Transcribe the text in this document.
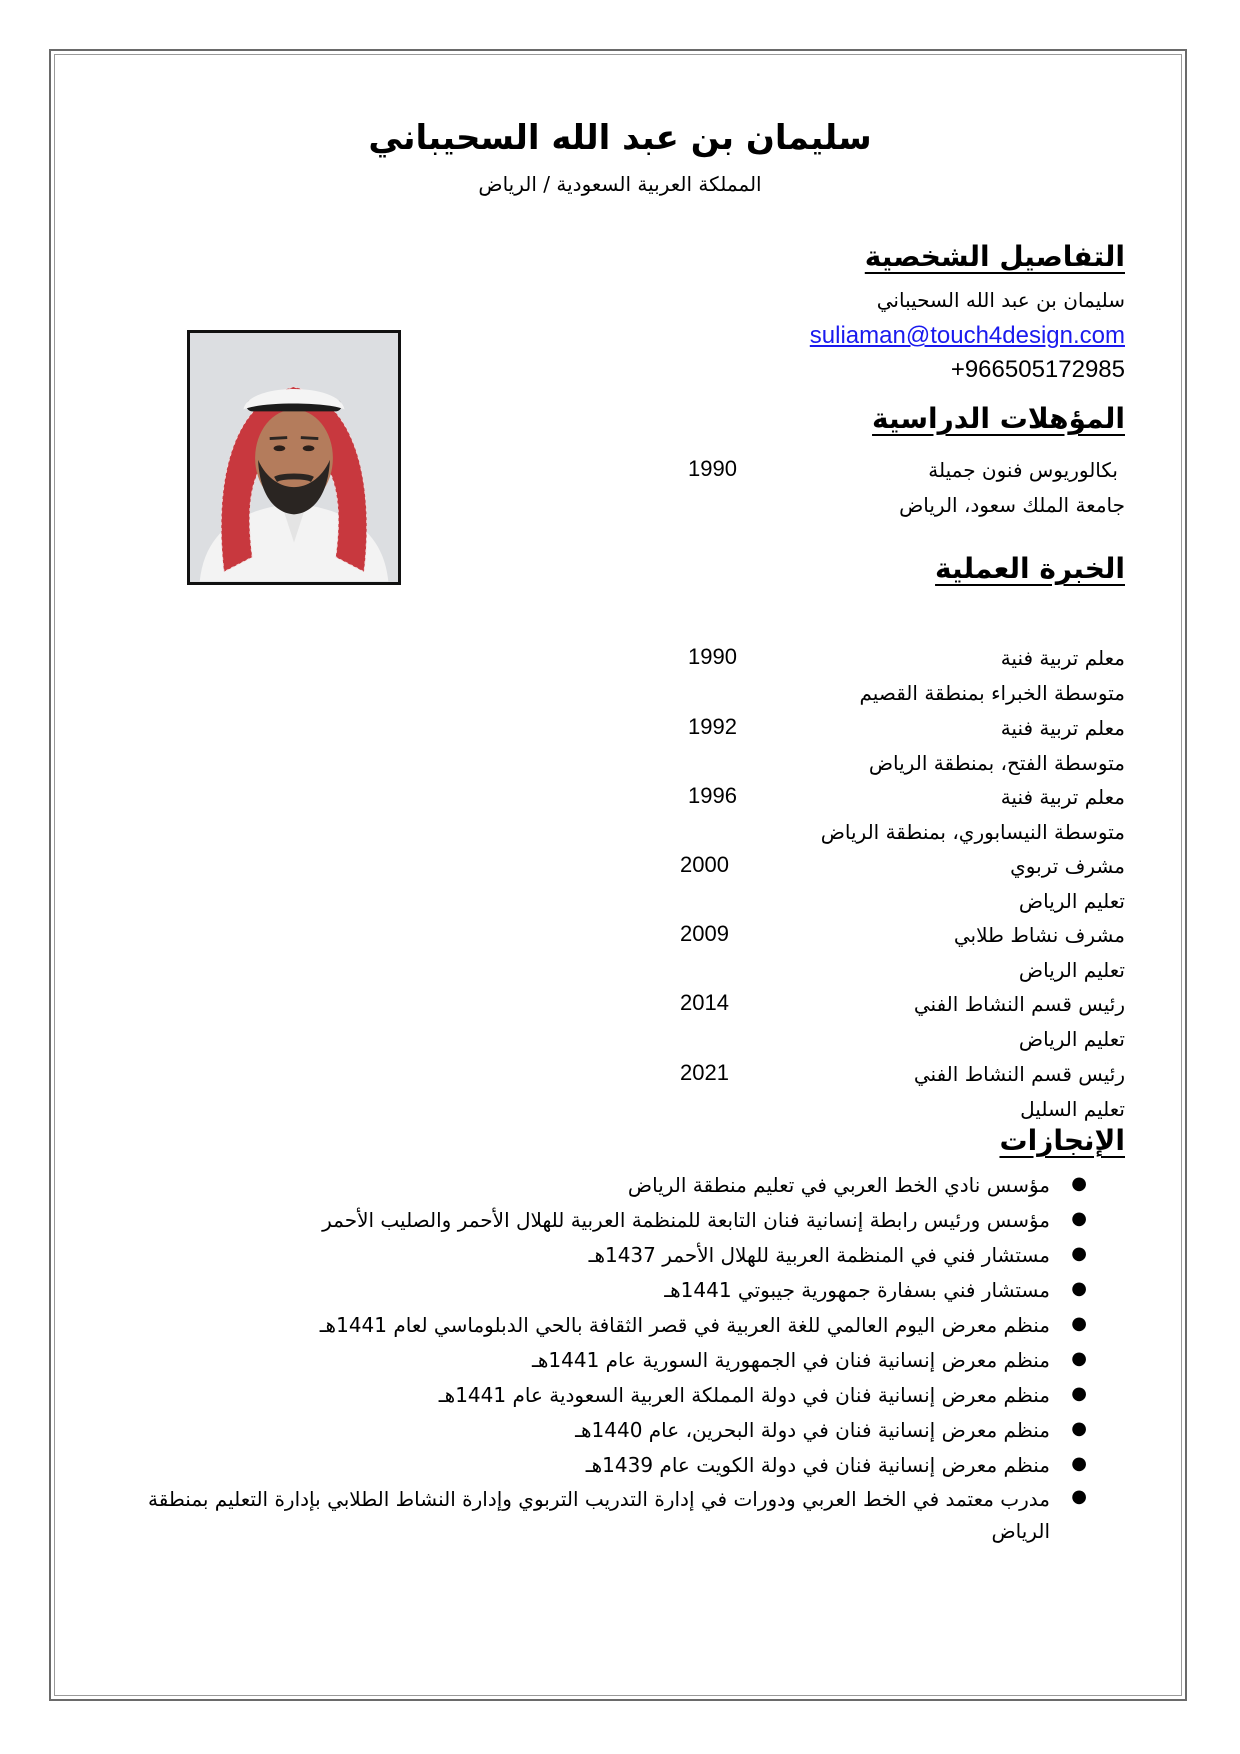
سليمان بن عبد الله السحيباني
المملكة العربية السعودية / الرياض
التفاصيل الشخصية
سليمان بن عبد الله السحيباني
suliaman@touch4design.com
+966505172985
المؤهلات الدراسية
بكالوريوس فنون جميلة
1990
جامعة الملك سعود، الرياض
الخبرة العملية
معلم تربية فنية
1990
متوسطة الخبراء بمنطقة القصيم
معلم تربية فنية
1992
متوسطة الفتح، بمنطقة الرياض
معلم تربية فنية
1996
متوسطة النيسابوري، بمنطقة الرياض
مشرف تربوي
2000
تعليم الرياض
مشرف نشاط طلابي
2009
تعليم الرياض
رئيس قسم النشاط الفني
2014
تعليم الرياض
رئيس قسم النشاط الفني
2021
تعليم السليل
الإنجازات
●
مؤسس نادي الخط العربي في تعليم منطقة الرياض
●
مؤسس ورئيس رابطة إنسانية فنان التابعة للمنظمة العربية للهلال الأحمر والصليب الأحمر
●
مستشار فني في المنظمة العربية للهلال الأحمر 1437هـ
●
مستشار فني بسفارة جمهورية جيبوتي 1441هـ
●
منظم معرض اليوم العالمي للغة العربية في قصر الثقافة بالحي الدبلوماسي لعام 1441هـ
●
منظم معرض إنسانية فنان في الجمهورية السورية عام 1441هـ
●
منظم معرض إنسانية فنان في دولة المملكة العربية السعودية عام 1441هـ
●
منظم معرض إنسانية فنان في دولة البحرين، عام 1440هـ
●
منظم معرض إنسانية فنان في دولة الكويت عام 1439هـ
●
مدرب معتمد في الخط العربي ودورات في إدارة التدريب التربوي وإدارة النشاط الطلابي بإدارة التعليم بمنطقة الرياض
